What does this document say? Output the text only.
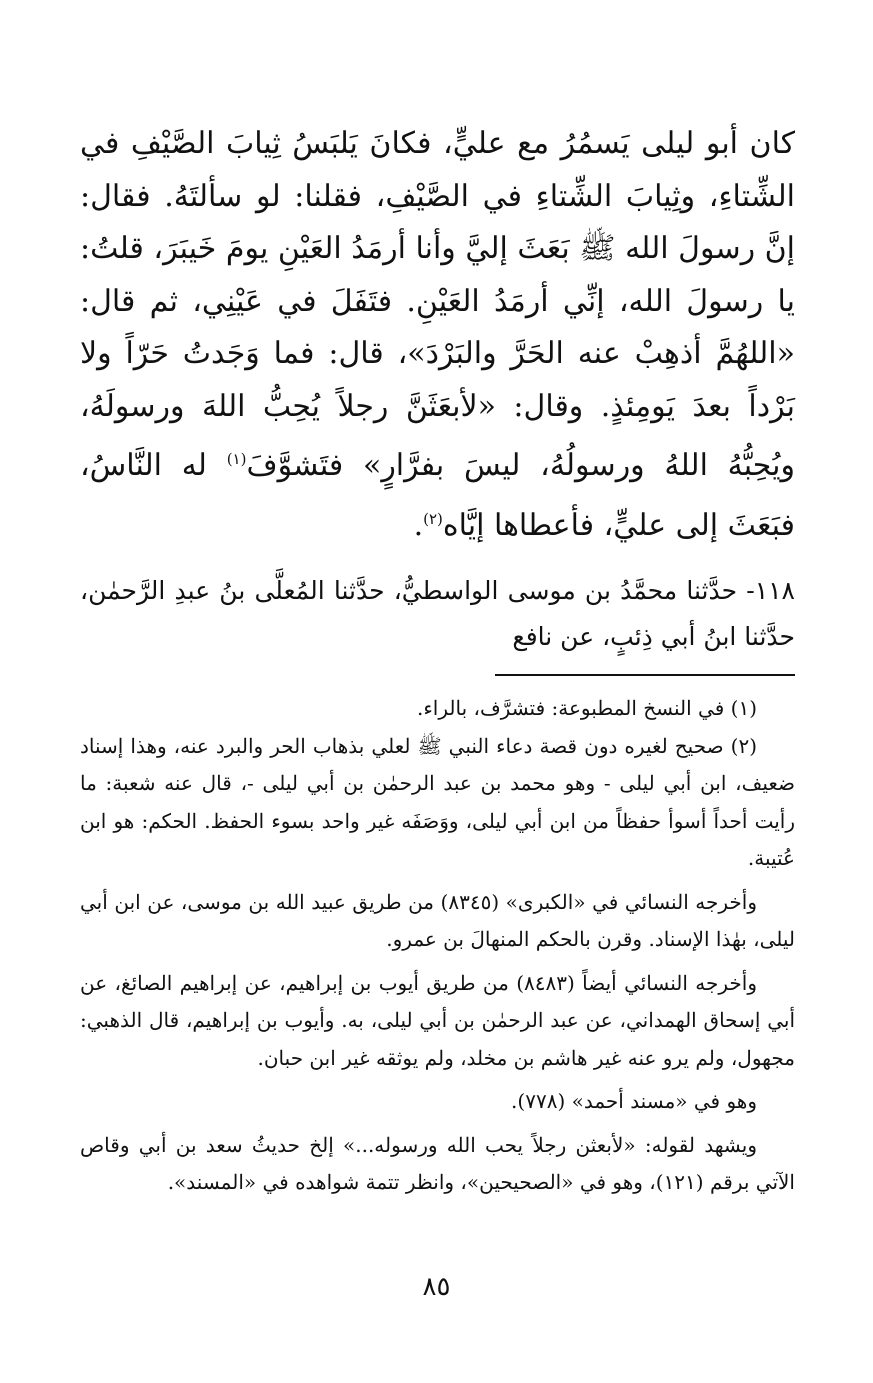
كان أبو ليلى يَسمُرُ مع عليٍّ، فكانَ يَلبَسُ ثِيابَ الصَّيْفِ في الشِّتاءِ، وثِيابَ الشِّتاءِ في الصَّيْفِ، فقلنا: لو سألتَهُ. فقال: إنَّ رسولَ الله ﷺ بَعَثَ إليَّ وأنا أرمَدُ العَيْنِ يومَ خَيبَرَ، قلتُ: يا رسولَ الله، إنِّي أرمَدُ العَيْنِ. فتَفَلَ في عَيْنِي، ثم قال: «اللهُمَّ أذهِبْ عنه الحَرَّ والبَرْدَ»، قال: فما وَجَدتُ حَرّاً ولا بَرْداً بعدَ يَومِئذٍ. وقال: «لأبعَثَنَّ رجلاً يُحِبُّ اللهَ ورسولَهُ، ويُحِبُّهُ اللهُ ورسولُهُ، ليسَ بفرَّارٍ» فتَشوَّفَ$^{(١)}$ له النَّاسُ، فبَعَثَ إلى عليٍّ، فأعطاها إيَّاه$^{(٢)}$.

١١٨- حدَّثنا محمَّدُ بن موسى الواسطيُّ، حدَّثنا المُعلَّى بنُ عبدِ الرَّحمٰن، حدَّثنا ابنُ أبي ذِئبٍ، عن نافع

(١) في النسخ المطبوعة: فتشرَّف، بالراء.

(٢) صحيح لغيره دون قصة دعاء النبي ﷺ لعلي بذهاب الحر والبرد عنه، وهذا إسناد ضعيف، ابن أبي ليلى - وهو محمد بن عبد الرحمٰن بن أبي ليلى -، قال عنه شعبة: ما رأيت أحداً أسوأ حفظاً من ابن أبي ليلى، ووَصَفَه غير واحد بسوء الحفظ. الحكم: هو ابن عُتيبة.

وأخرجه النسائي في «الكبرى» (٨٣٤٥) من طريق عبيد الله بن موسى، عن ابن أبي ليلى، بهٰذا الإسناد. وقرن بالحكم المنهالَ بن عمرو.

وأخرجه النسائي أيضاً (٨٤٨٣) من طريق أيوب بن إبراهيم، عن إبراهيم الصائغ، عن أبي إسحاق الهمداني، عن عبد الرحمٰن بن أبي ليلى، به. وأيوب بن إبراهيم، قال الذهبي: مجهول، ولم يرو عنه غير هاشم بن مخلد، ولم يوثقه غير ابن حبان.

وهو في «مسند أحمد» (٧٧٨).

ويشهد لقوله: «لأبعثن رجلاً يحب الله ورسوله...» إلخ حديثُ سعد بن أبي وقاص الآتي برقم (١٢١)، وهو في «الصحيحين»، وانظر تتمة شواهده في «المسند».

٨٥
